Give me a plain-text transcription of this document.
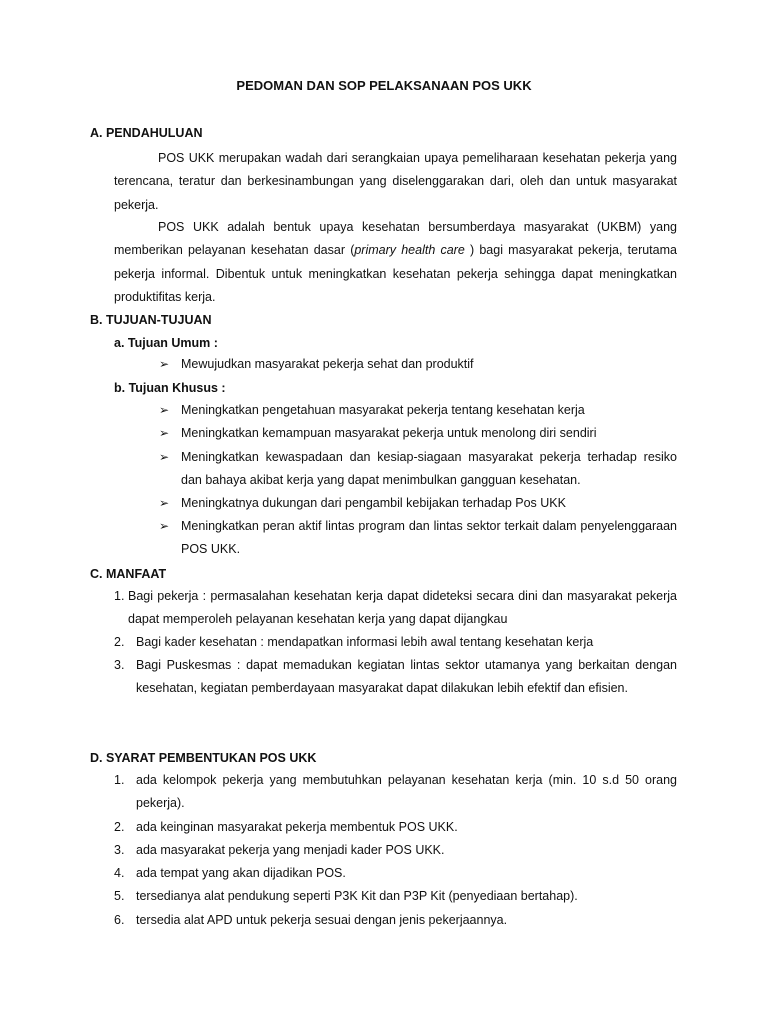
PEDOMAN DAN SOP PELAKSANAAN POS UKK
A. PENDAHULUAN
POS UKK merupakan wadah dari serangkaian upaya pemeliharaan kesehatan pekerja yang terencana, teratur dan berkesinambungan yang diselenggarakan dari, oleh dan untuk masyarakat pekerja.
POS UKK adalah bentuk upaya kesehatan bersumberdaya masyarakat (UKBM) yang memberikan pelayanan kesehatan dasar (primary health care ) bagi masyarakat pekerja, terutama pekerja informal. Dibentuk untuk meningkatkan kesehatan pekerja sehingga dapat meningkatkan produktifitas kerja.
B. TUJUAN-TUJUAN
a. Tujuan Umum :
➢ Mewujudkan masyarakat pekerja sehat dan produktif
b. Tujuan Khusus :
➢ Meningkatkan pengetahuan masyarakat pekerja tentang kesehatan kerja
➢ Meningkatkan kemampuan masyarakat pekerja untuk menolong diri sendiri
➢ Meningkatkan kewaspadaan dan kesiap-siagaan masyarakat pekerja terhadap resiko dan bahaya akibat kerja yang dapat menimbulkan gangguan kesehatan.
➢ Meningkatnya dukungan dari pengambil kebijakan terhadap Pos UKK
➢ Meningkatkan peran aktif lintas program dan lintas sektor terkait dalam penyelenggaraan POS UKK.
C. MANFAAT
1. Bagi pekerja : permasalahan kesehatan kerja dapat dideteksi secara dini dan masyarakat pekerja dapat memperoleh pelayanan kesehatan kerja yang dapat dijangkau
2. Bagi kader kesehatan : mendapatkan informasi lebih awal tentang kesehatan kerja
3. Bagi Puskesmas : dapat memadukan kegiatan lintas sektor utamanya yang berkaitan dengan kesehatan, kegiatan pemberdayaan masyarakat dapat dilakukan lebih efektif dan efisien.
D. SYARAT PEMBENTUKAN POS UKK
1. ada kelompok pekerja yang membutuhkan pelayanan kesehatan kerja (min. 10 s.d 50 orang pekerja).
2. ada keinginan masyarakat pekerja membentuk POS UKK.
3. ada masyarakat pekerja yang menjadi kader POS UKK.
4. ada tempat yang akan dijadikan POS.
5. tersedianya alat pendukung seperti P3K Kit dan P3P Kit (penyediaan bertahap).
6. tersedia alat APD untuk pekerja sesuai dengan jenis pekerjaannya.
